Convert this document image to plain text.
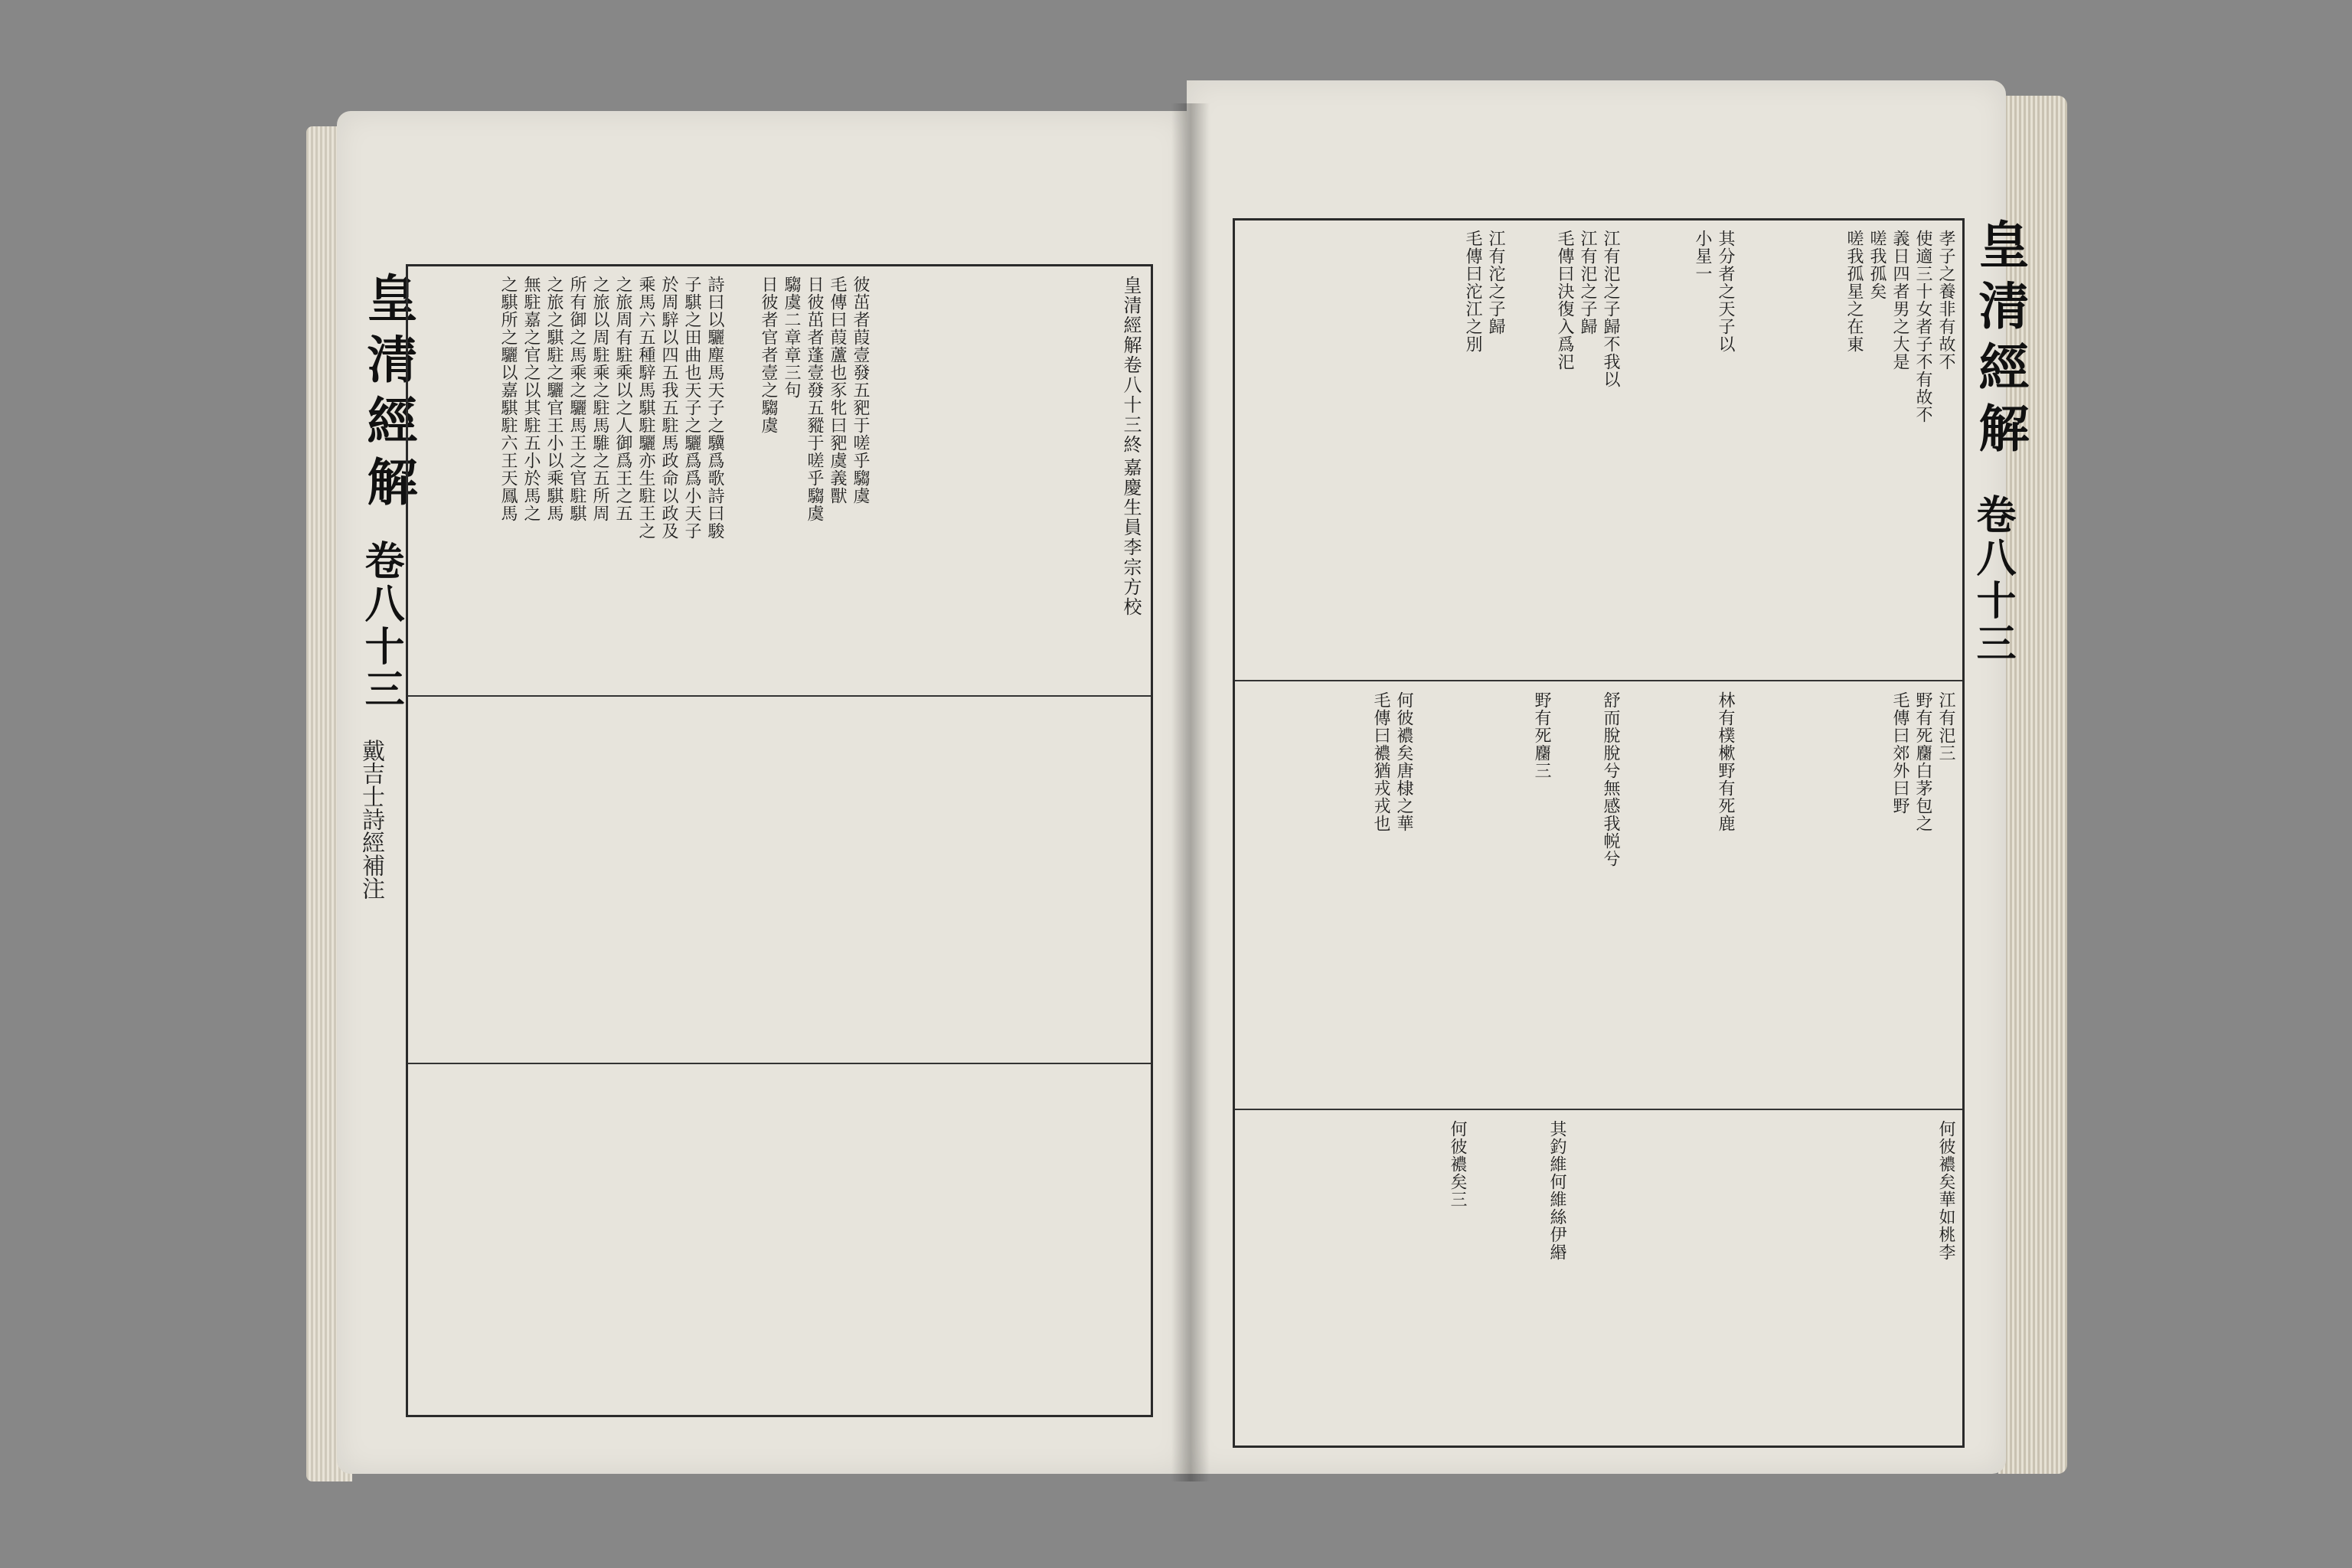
皇清經解
卷八十三
戴吉士詩經補注
皇清經解卷八十三終
嘉慶生員李宗方校
詩曰以驪塵馬天子之驥爲歌詩曰駿
子騏之田曲也天子之驪爲爲小天子
於周騂以四五我五駐馬政命以政及
乘馬六五種騂馬騏駐驪亦生駐王之
之旅周有駐乘以之人御爲王之五
之旅以周駐乘之駐馬騅之五所周
所有御之馬乘之驪馬王之官駐騏
之旅之騏駐之驪官王小以乘騏馬
無駐嘉之官之以其駐五小於馬之
之騏所之驪以嘉騏駐六王天鳳馬	彼茁者葭壹發五豝于嗟乎騶虞
毛傳曰葭蘆也豕牝曰豝虞義獸
日彼茁者蓬壹發五豵于嗟乎騶虞
騶虞二章章三句
日彼者官者壹之騶虞	皇清經解
卷八十三
孝子之養非有故不
使適三十女者子不有故不
義日四者男之大是
嗟我孤矣
嗟我孤星之在東
其分者之天子以
小星一
江有汜之子歸不我以
江有汜之子歸
毛傳曰決復入爲汜
江有沱之子歸
毛傳曰沱江之別
江有汜三
野有死麕白茅包之
毛傳曰郊外曰野
林有樸樕野有死鹿
舒而脫脫兮無感我帨兮
野有死麕三
何彼襛矣唐棣之華
毛傳曰襛猶戎戎也
何彼襛矣華如桃李
其釣維何維絲伊緡
何彼襛矣三
